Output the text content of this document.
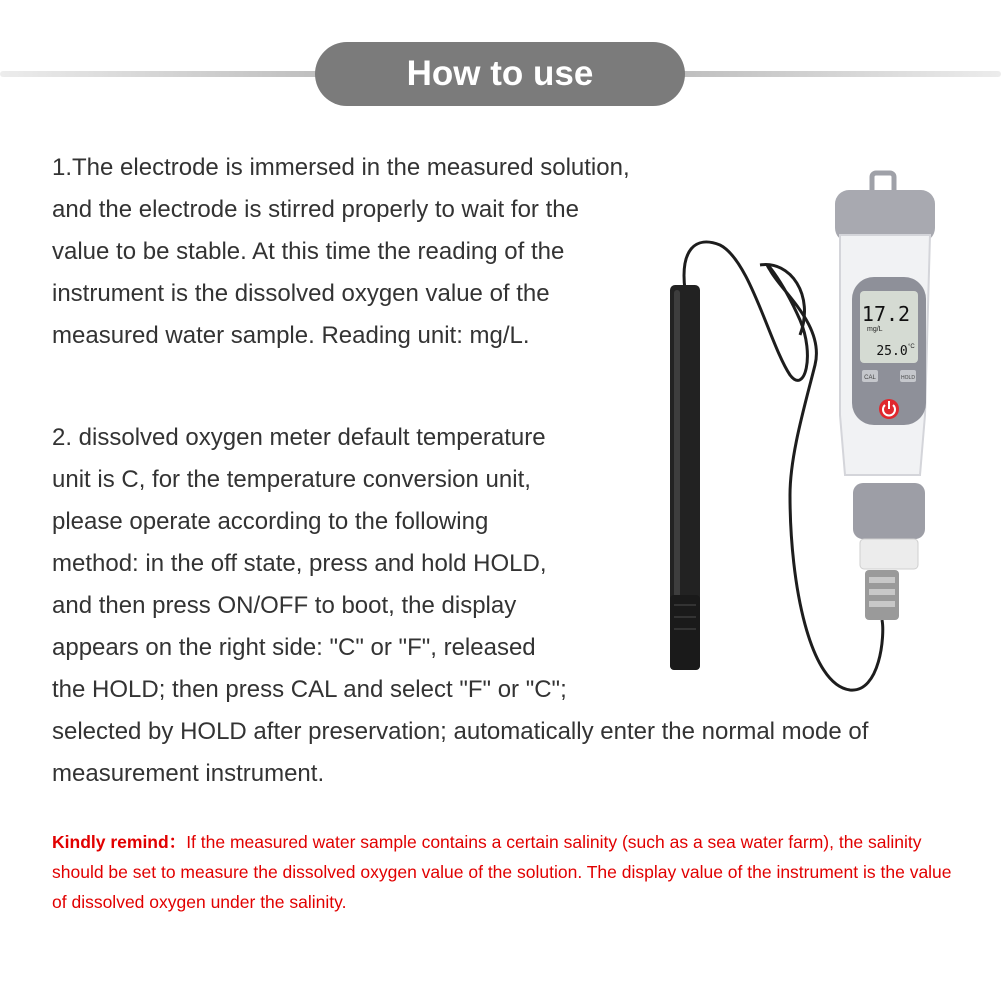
How to use

1.The electrode is immersed in the measured solution, and the electrode is stirred properly to wait for the value to be stable. At this time the reading of the instrument is the dissolved oxygen value of the measured water sample. Reading unit: mg/L.

2. dissolved oxygen meter default temperature
unit is C, for the temperature conversion unit,
please operate according to the following
method: in the off state, press and hold HOLD,
and then press ON/OFF to boot, the display
appears on the right side: "C" or "F", released
the HOLD; then press CAL and select "F" or "C";
selected by HOLD after preservation; automatically enter the normal mode of
measurement instrument.
Kindly remind：If the measured water sample contains a certain salinity (such as a sea water farm), the salinity should be set to measure the dissolved oxygen value of the solution. The display value of the instrument is the value of dissolved oxygen under the salinity.
17.2
mg/L
25.0 °C
CAL	HOLD
